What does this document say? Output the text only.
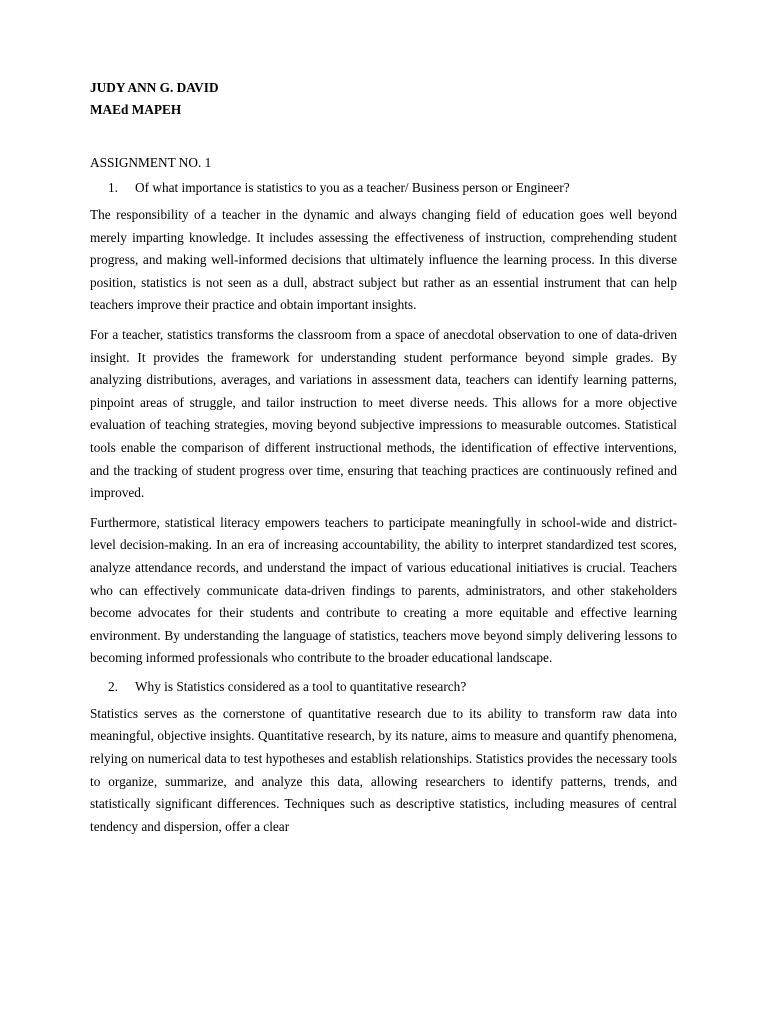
JUDY ANN G. DAVID

MAEd MAPEH

ASSIGNMENT NO. 1

1.	Of what importance is statistics to you as a teacher/ Business person or Engineer?

The responsibility of a teacher in the dynamic and always changing field of education goes well beyond merely imparting knowledge. It includes assessing the effectiveness of instruction, comprehending student progress, and making well-informed decisions that ultimately influence the learning process. In this diverse position, statistics is not seen as a dull, abstract subject but rather as an essential instrument that can help teachers improve their practice and obtain important insights.

For a teacher, statistics transforms the classroom from a space of anecdotal observation to one of data-driven insight. It provides the framework for understanding student performance beyond simple grades. By analyzing distributions, averages, and variations in assessment data, teachers can identify learning patterns, pinpoint areas of struggle, and tailor instruction to meet diverse needs. This allows for a more objective evaluation of teaching strategies, moving beyond subjective impressions to measurable outcomes. Statistical tools enable the comparison of different instructional methods, the identification of effective interventions, and the tracking of student progress over time, ensuring that teaching practices are continuously refined and improved.

Furthermore, statistical literacy empowers teachers to participate meaningfully in school-wide and district-level decision-making. In an era of increasing accountability, the ability to interpret standardized test scores, analyze attendance records, and understand the impact of various educational initiatives is crucial. Teachers who can effectively communicate data-driven findings to parents, administrators, and other stakeholders become advocates for their students and contribute to creating a more equitable and effective learning environment. By understanding the language of statistics, teachers move beyond simply delivering lessons to becoming informed professionals who contribute to the broader educational landscape.

2.	Why is Statistics considered as a tool to quantitative research?

Statistics serves as the cornerstone of quantitative research due to its ability to transform raw data into meaningful, objective insights. Quantitative research, by its nature, aims to measure and quantify phenomena, relying on numerical data to test hypotheses and establish relationships. Statistics provides the necessary tools to organize, summarize, and analyze this data, allowing researchers to identify patterns, trends, and statistically significant differences. Techniques such as descriptive statistics, including measures of central tendency and dispersion, offer a clear
